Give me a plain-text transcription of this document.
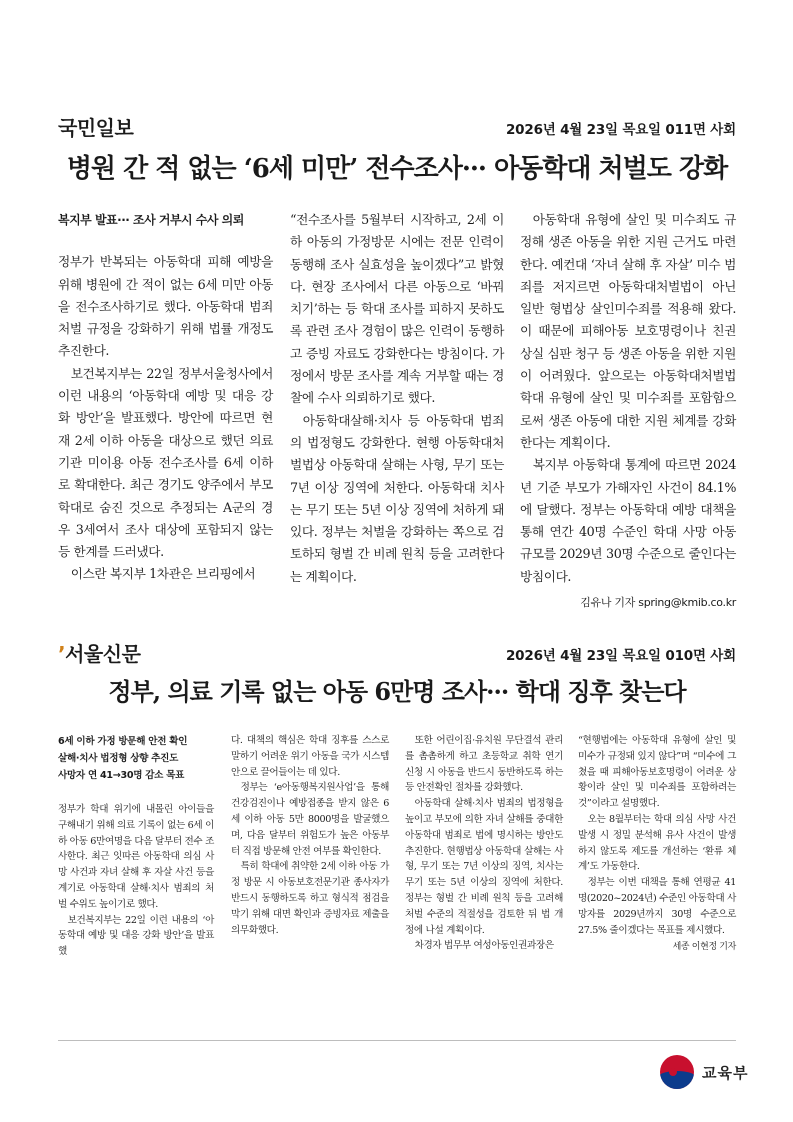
국민일보	2026년 4월 23일 목요일 011면 사회
병원 간 적 없는 ‘6세 미만’ 전수조사··· 아동학대 처벌도 강화

복지부 발표··· 조사 거부시 수사 의뢰

정부가 반복되는 아동학대 피해 예방을 위해 병원에 간 적이 없는 6세 미만 아동을 전수조사하기로 했다. 아동학대 범죄 처벌 규정을 강화하기 위해 법률 개정도 추진한다.

보건복지부는 22일 정부서울청사에서 이런 내용의 ‘아동학대 예방 및 대응 강화 방안’을 발표했다. 방안에 따르면 현재 2세 이하 아동을 대상으로 했던 의료기관 미이용 아동 전수조사를 6세 이하로 확대한다. 최근 경기도 양주에서 부모 학대로 숨진 것으로 추정되는 A군의 경우 3세여서 조사 대상에 포함되지 않는 등 한계를 드러냈다.

이스란 복지부 1차관은 브리핑에서

“전수조사를 5월부터 시작하고, 2세 이하 아동의 가정방문 시에는 전문 인력이 동행해 조사 실효성을 높이겠다”고 밝혔다. 현장 조사에서 다른 아동으로 ‘바꿔치기’하는 등 학대 조사를 피하지 못하도록 관련 조사 경험이 많은 인력이 동행하고 증빙 자료도 강화한다는 방침이다. 가정에서 방문 조사를 계속 거부할 때는 경찰에 수사 의뢰하기로 했다.

아동학대살해·치사 등 아동학대 범죄의 법정형도 강화한다. 현행 아동학대처벌법상 아동학대 살해는 사형, 무기 또는 7년 이상 징역에 처한다. 아동학대 치사는 무기 또는 5년 이상 징역에 처하게 돼 있다. 정부는 처벌을 강화하는 쪽으로 검토하되 형벌 간 비례 원칙 등을 고려한다는 계획이다.

아동학대 유형에 살인 및 미수죄도 규정해 생존 아동을 위한 지원 근거도 마련한다. 예컨대 ‘자녀 살해 후 자살’ 미수 범죄를 저지르면 아동학대처벌법이 아닌 일반 형법상 살인미수죄를 적용해 왔다. 이 때문에 피해아동 보호명령이나 친권상실 심판 청구 등 생존 아동을 위한 지원이 어려웠다. 앞으로는 아동학대처벌법 학대 유형에 살인 및 미수죄를 포함함으로써 생존 아동에 대한 지원 체계를 강화한다는 계획이다.

복지부 아동학대 통계에 따르면 2024년 기준 부모가 가해자인 사건이 84.1%에 달했다. 정부는 아동학대 예방 대책을 통해 연간 40명 수준인 학대 사망 아동 규모를 2029년 30명 수준으로 줄인다는 방침이다.

김유나 기자 spring@kmib.co.kr

’서울신문	2026년 4월 23일 목요일 010면 사회
정부, 의료 기록 없는 아동 6만명 조사··· 학대 징후 찾는다
6세 이하 가정 방문해 안전 확인
살해·치사 법정형 상향 추진도
사망자 연 41→30명 감소 목표

정부가 학대 위기에 내몰린 아이들을 구해내기 위해 의료 기록이 없는 6세 이하 아동 6만여명을 다음 달부터 전수 조사한다. 최근 잇따른 아동학대 의심 사망 사건과 자녀 살해 후 자살 사건 등을 계기로 아동학대 살해·치사 범죄의 처벌 수위도 높이기로 했다.

보건복지부는 22일 이런 내용의 ‘아동학대 예방 및 대응 강화 방안’을 발표했

다. 대책의 핵심은 학대 징후를 스스로 말하기 어려운 위기 아동을 국가 시스템 안으로 끌어들이는 데 있다.

정부는 ‘e아동행복지원사업’을 통해 건강검진이나 예방접종을 받지 않은 6세 이하 아동 5만 8000명을 발굴했으며, 다음 달부터 위험도가 높은 아동부터 직접 방문해 안전 여부를 확인한다.

특히 학대에 취약한 2세 이하 아동 가정 방문 시 아동보호전문기관 종사자가 반드시 동행하도록 하고 형식적 점검을 막기 위해 대면 확인과 증빙자료 제출을 의무화했다.

또한 어린이집·유치원 무단결석 관리를 촘촘하게 하고 초등학교 취학 연기 신청 시 아동을 반드시 동반하도록 하는 등 안전확인 절차를 강화했다.

아동학대 살해·치사 범죄의 법정형을 높이고 부모에 의한 자녀 살해를 중대한 아동학대 범죄로 법에 명시하는 방안도 추진한다. 현행법상 아동학대 살해는 사형, 무기 또는 7년 이상의 징역, 치사는 무기 또는 5년 이상의 징역에 처한다. 정부는 형벌 간 비례 원칙 등을 고려해 처벌 수준의 적절성을 검토한 뒤 법 개정에 나설 계획이다.

차경자 법무부 여성아동인권과장은

“현행법에는 아동학대 유형에 살인 및 미수가 규정돼 있지 않다”며 “미수에 그쳤을 때 피해아동보호명령이 어려운 상황이라 살인 및 미수죄를 포함하려는 것”이라고 설명했다.

오는 8월부터는 학대 의심 사망 사건 발생 시 정밀 분석해 유사 사건이 발생하지 않도록 제도를 개선하는 ‘환류 체계’도 가동한다.

정부는 이번 대책을 통해 연평균 41명(2020~2024년) 수준인 아동학대 사망자를 2029년까지 30명 수준으로 27.5% 줄이겠다는 목표를 제시했다.

세종 이현정 기자

교육부
